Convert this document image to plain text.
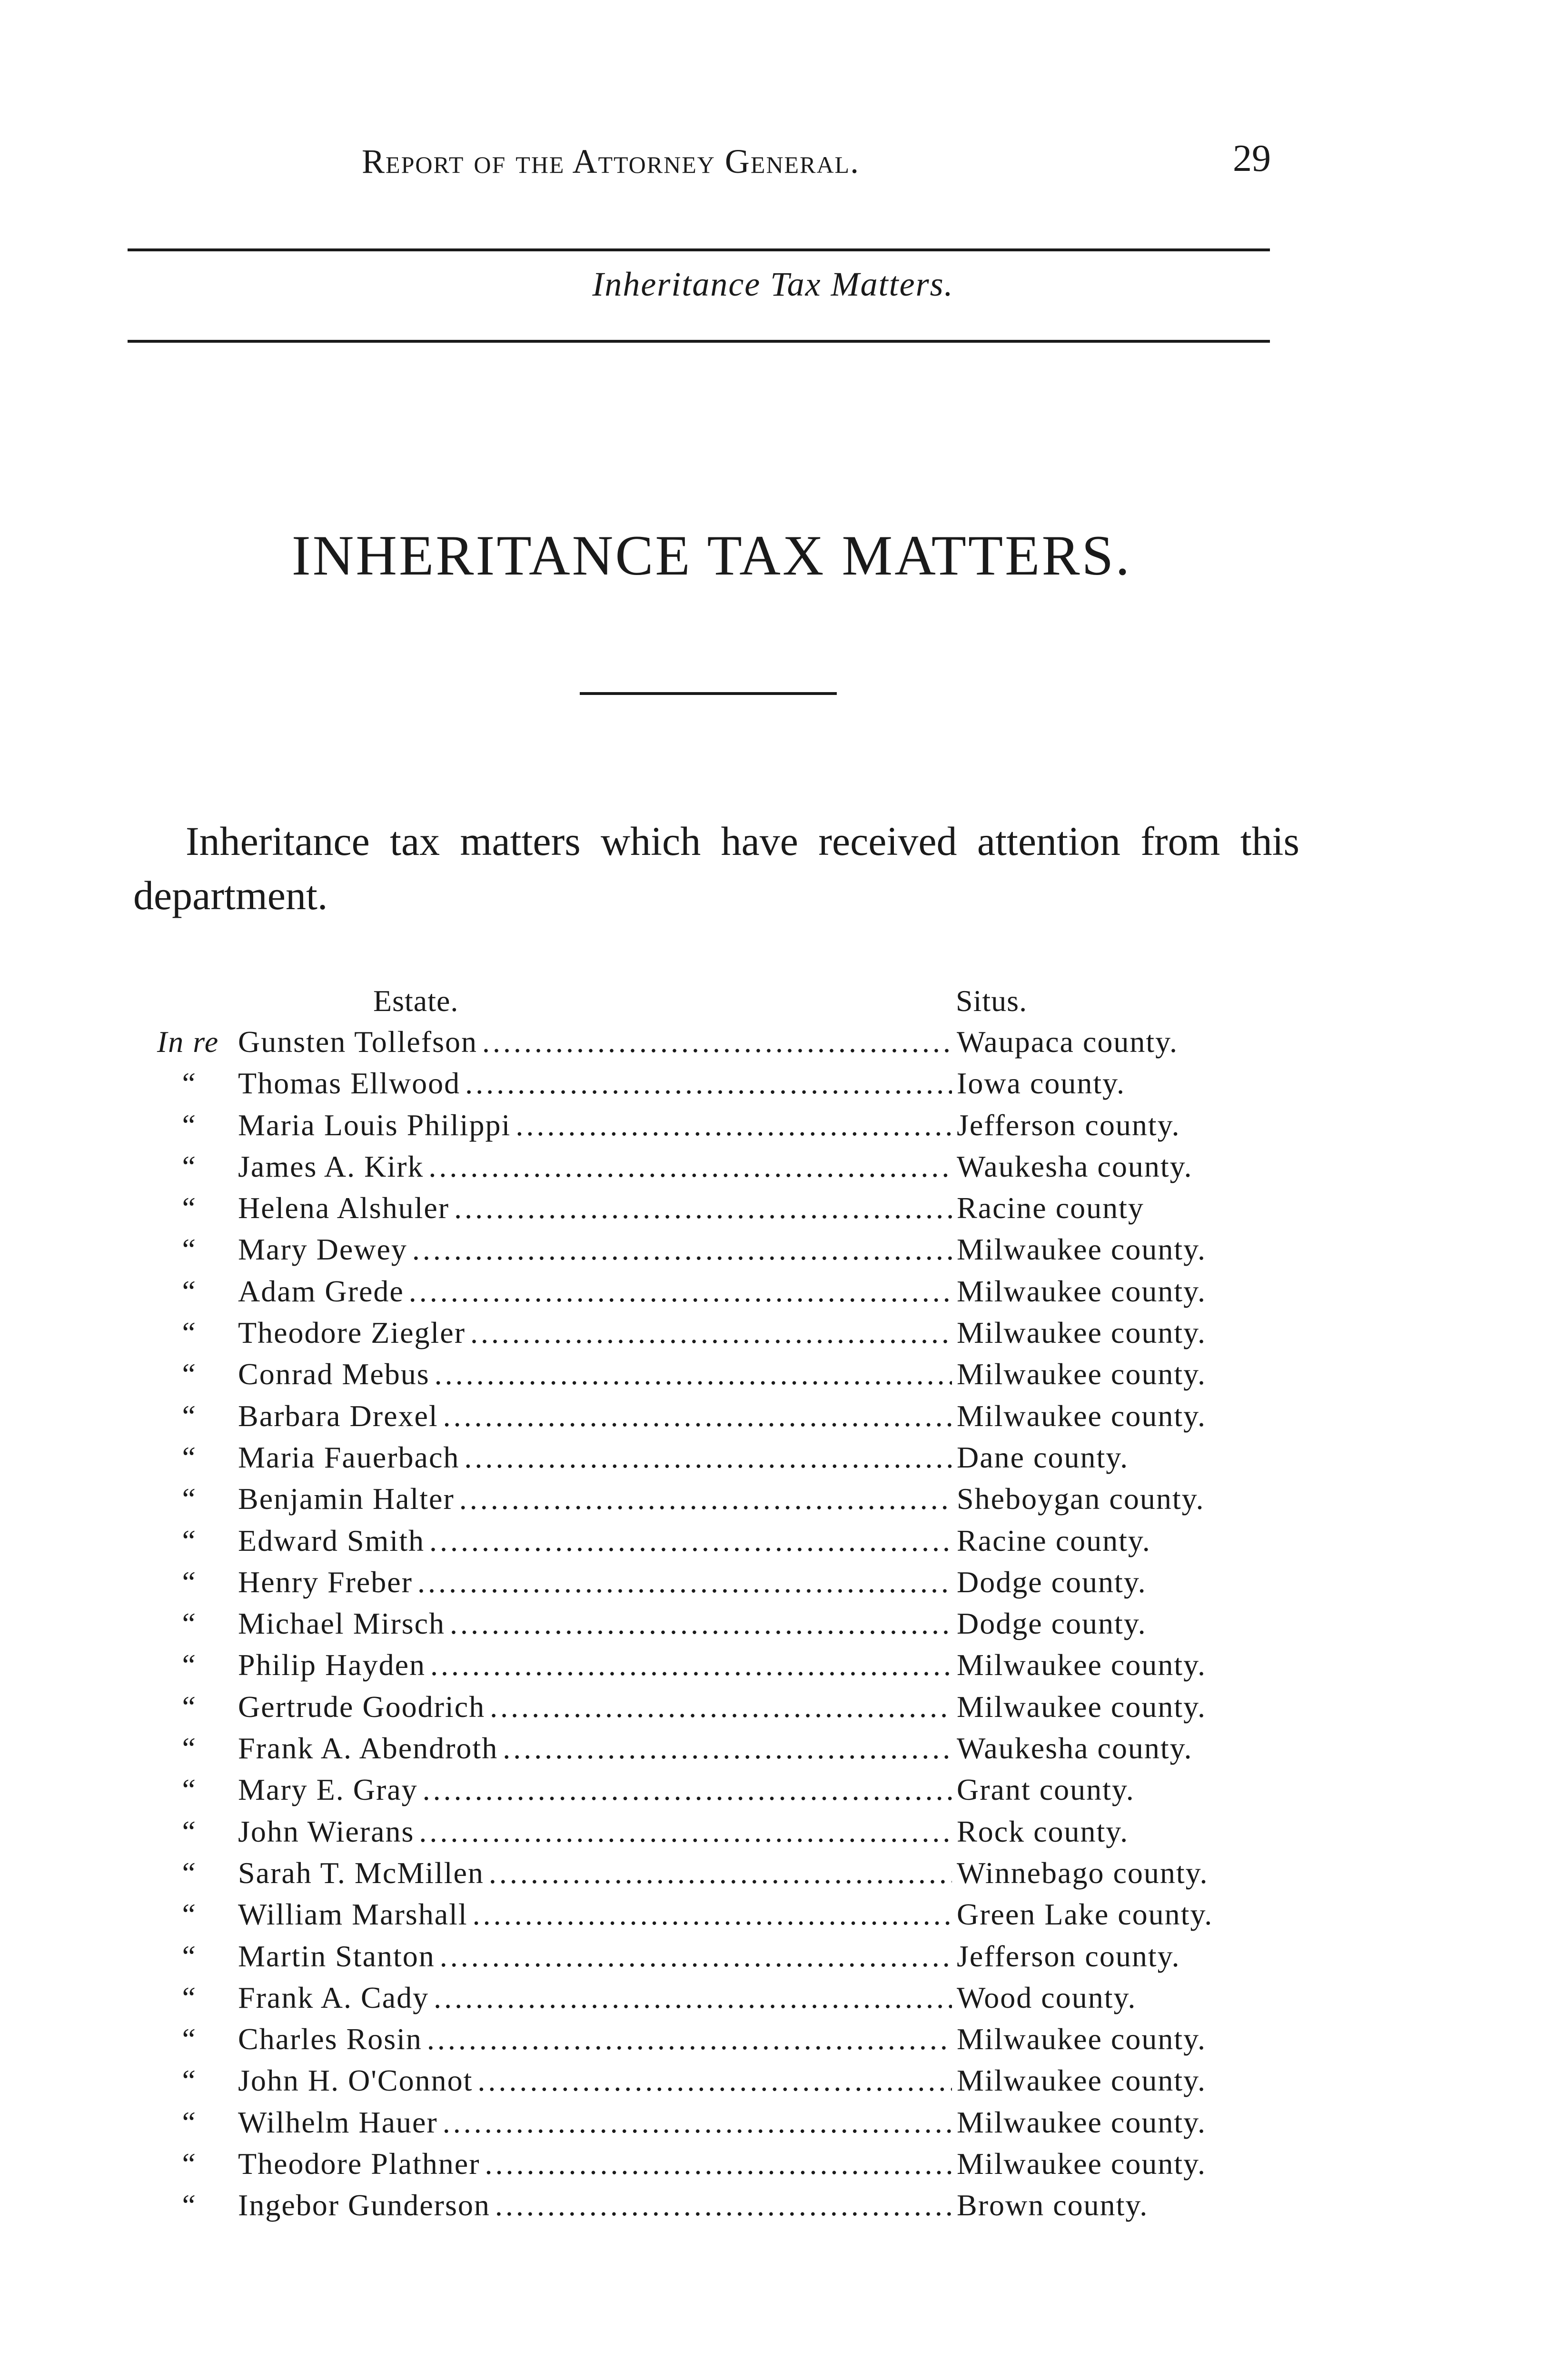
Report of the Attorney General.	29
Inheritance Tax Matters.
INHERITANCE TAX MATTERS.
Inheritance tax matters which have received attention from this department.
Estate.	Situs.
In re Gunsten Tollefson .....	Waupaca county.
“	Thomas Ellwood .....	Iowa county.
“	Maria Louis Philippi .....	Jefferson county.
“	James A. Kirk .....	Waukesha county.
“	Helena Alshuler .....	Racine county
“	Mary Dewey .....	Milwaukee county.
“	Adam Grede .....	Milwaukee county.
“	Theodore Ziegler .....	Milwaukee county.
“	Conrad Mebus .....	Milwaukee county.
“	Barbara Drexel .....	Milwaukee county.
“	Maria Fauerbach .....	Dane county.
“	Benjamin Halter .....	Sheboygan county.
“	Edward Smith .....	Racine county.
“	Henry Freber .....	Dodge county.
“	Michael Mirsch .....	Dodge county.
“	Philip Hayden .....	Milwaukee county.
“	Gertrude Goodrich .....	Milwaukee county.
“	Frank A. Abendroth .....	Waukesha county.
“	Mary E. Gray .....	Grant county.
“	John Wierans .....	Rock county.
“	Sarah T. McMillen .....	Winnebago county.
“	William Marshall .....	Green Lake county.
“	Martin Stanton .....	Jefferson county.
“	Frank A. Cady .....	Wood county.
“	Charles Rosin .....	Milwaukee county.
“	John H. O'Connot .....	Milwaukee county.
“	Wilhelm Hauer .....	Milwaukee county.
“	Theodore Plathner .....	Milwaukee county.
“	Ingebor Gunderson .....	Brown county.
